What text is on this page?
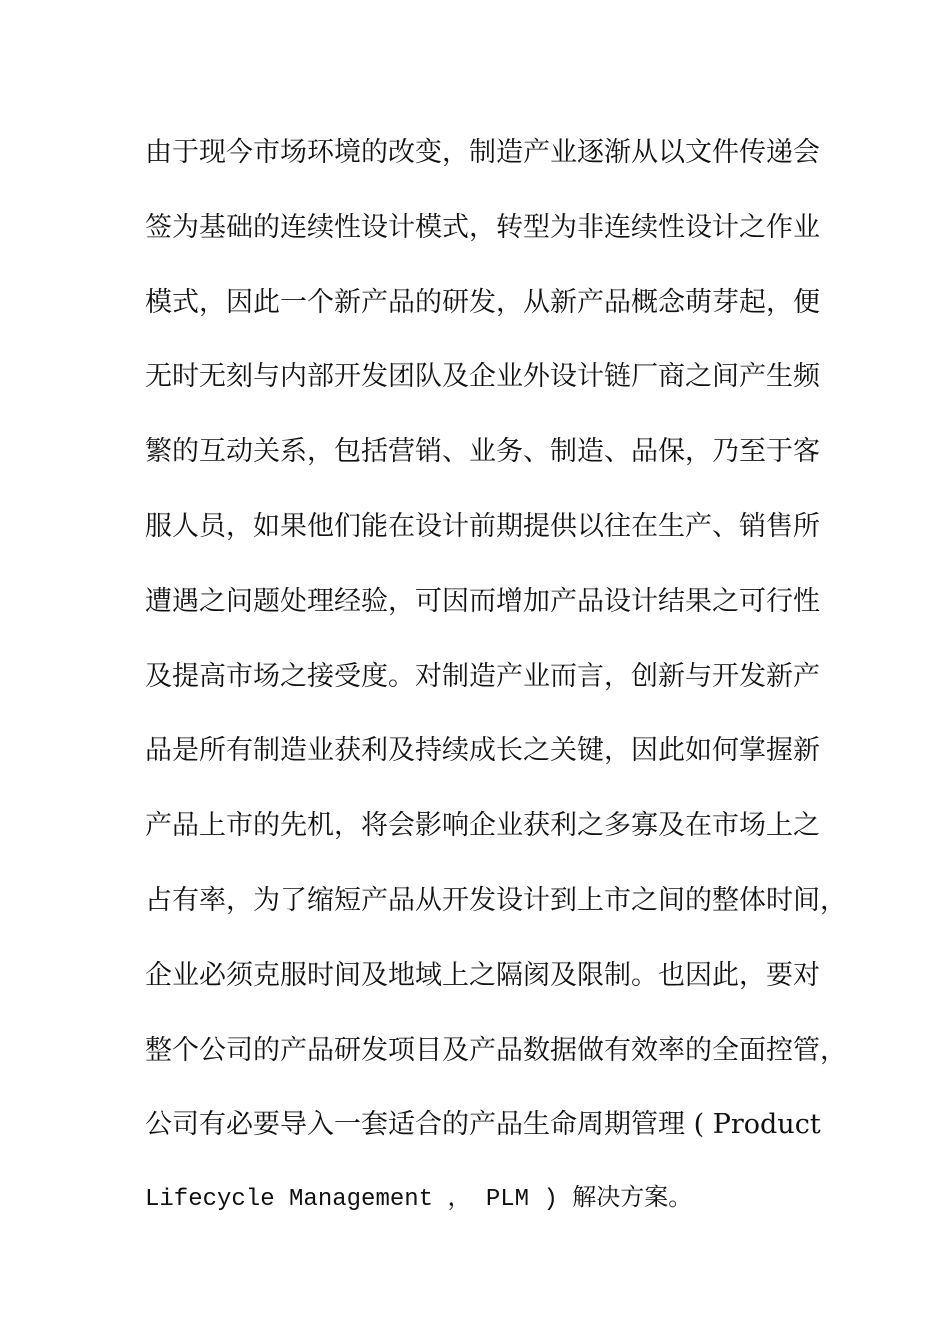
由于现今市场环境的改变，制造产业逐渐从以文件传递会
签为基础的连续性设计模式，转型为非连续性设计之作业
模式，因此一个新产品的研发，从新产品概念萌芽起，便
无时无刻与内部开发团队及企业外设计链厂商之间产生频
繁的互动关系，包括营销、业务、制造、品保，乃至于客
服人员，如果他们能在设计前期提供以往在生产、销售所
遭遇之问题处理经验，可因而增加产品设计结果之可行性
及提高市场之接受度。对制造产业而言，创新与开发新产
品是所有制造业获利及持续成长之关键，因此如何掌握新
产品上市的先机，将会影响企业获利之多寡及在市场上之
占有率，为了缩短产品从开发设计到上市之间的整体时间，
企业必须克服时间及地域上之隔阂及限制。也因此，要对
整个公司的产品研发项目及产品数据做有效率的全面控管，
公司有必要导入一套适合的产品生命周期管理 ( Product
Lifecycle Management ， PLM ) 解决方案。
